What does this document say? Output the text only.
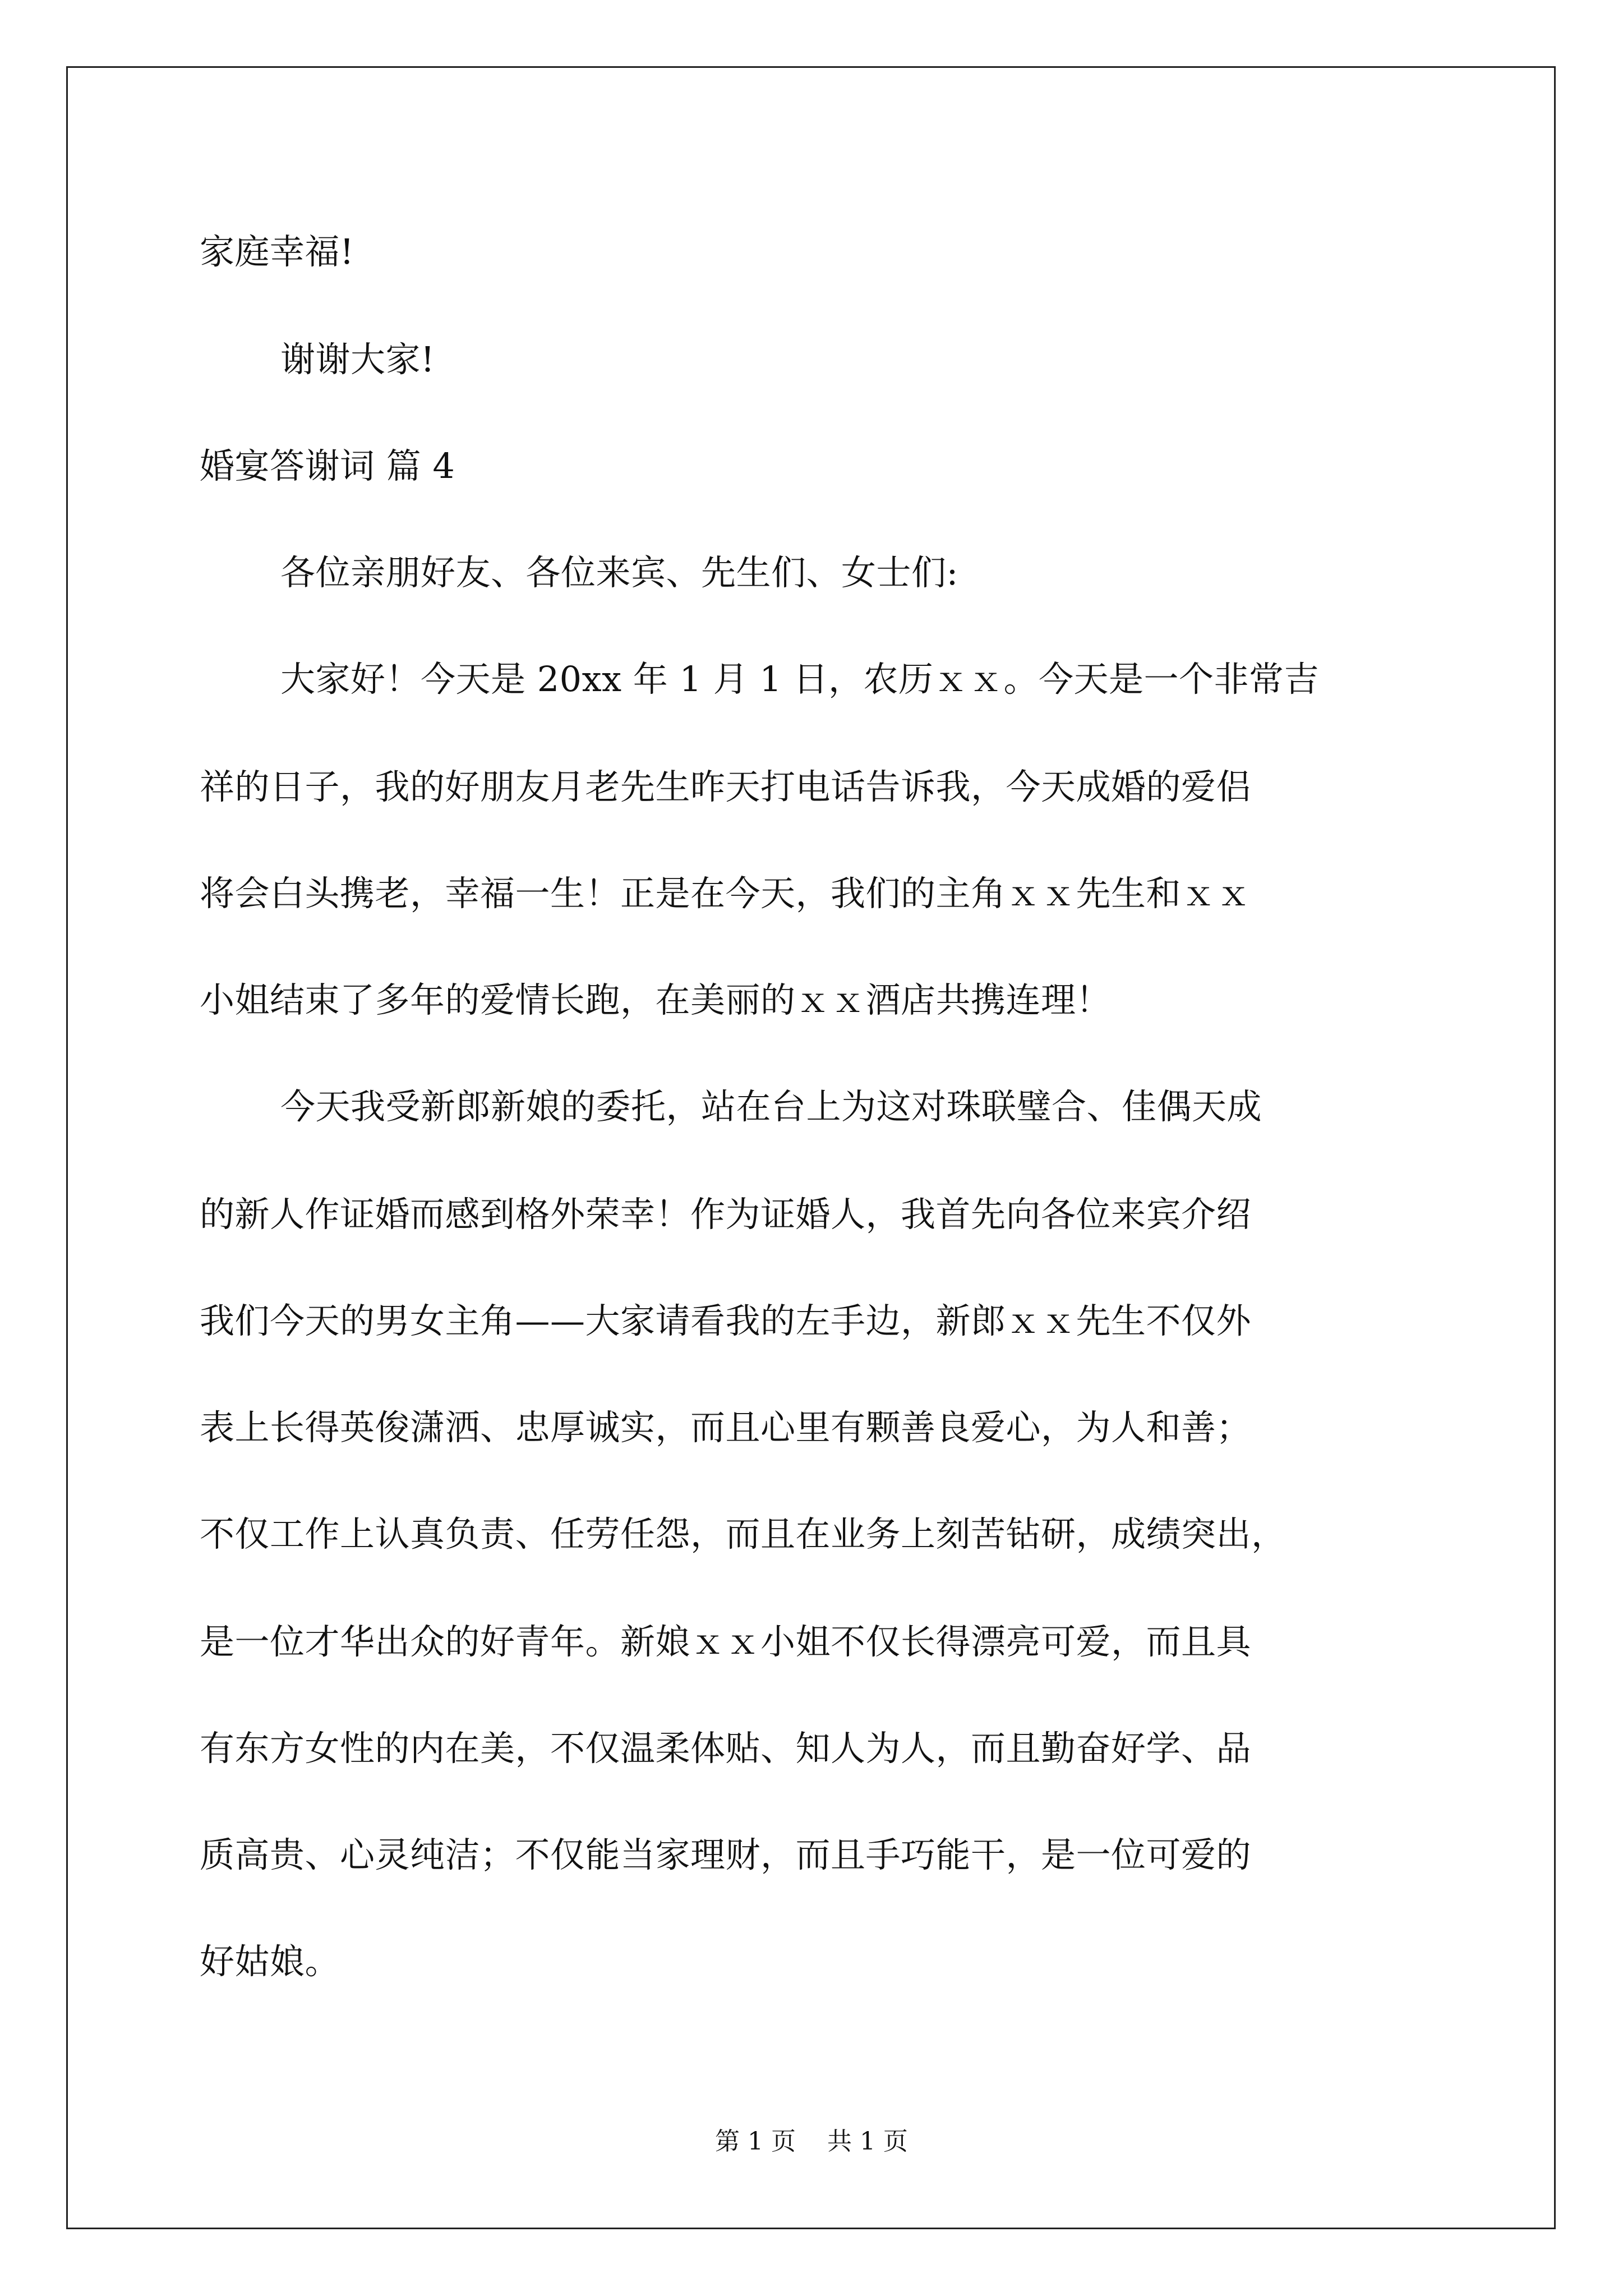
家庭幸福!
谢谢大家!
婚宴答谢词 篇 4
各位亲朋好友、各位来宾、先生们、女士们:
大家好！今天是 20xx 年 1 月 1 日，农历ｘｘ。今天是一个非常吉
祥的日子，我的好朋友月老先生昨天打电话告诉我，今天成婚的爱侣
将会白头携老，幸福一生！正是在今天，我们的主角ｘｘ先生和ｘｘ
小姐结束了多年的爱情长跑，在美丽的ｘｘ酒店共携连理！
今天我受新郎新娘的委托，站在台上为这对珠联璧合、佳偶天成
的新人作证婚而感到格外荣幸！作为证婚人，我首先向各位来宾介绍
我们今天的男女主角——大家请看我的左手边，新郎ｘｘ先生不仅外
表上长得英俊潇洒、忠厚诚实，而且心里有颗善良爱心，为人和善；
不仅工作上认真负责、任劳任怨，而且在业务上刻苦钻研，成绩突出，
是一位才华出众的好青年。新娘ｘｘ小姐不仅长得漂亮可爱，而且具
有东方女性的内在美，不仅温柔体贴、知人为人，而且勤奋好学、品
质高贵、心灵纯洁；不仅能当家理财，而且手巧能干，是一位可爱的
好姑娘。
第 1 页    共 1 页
